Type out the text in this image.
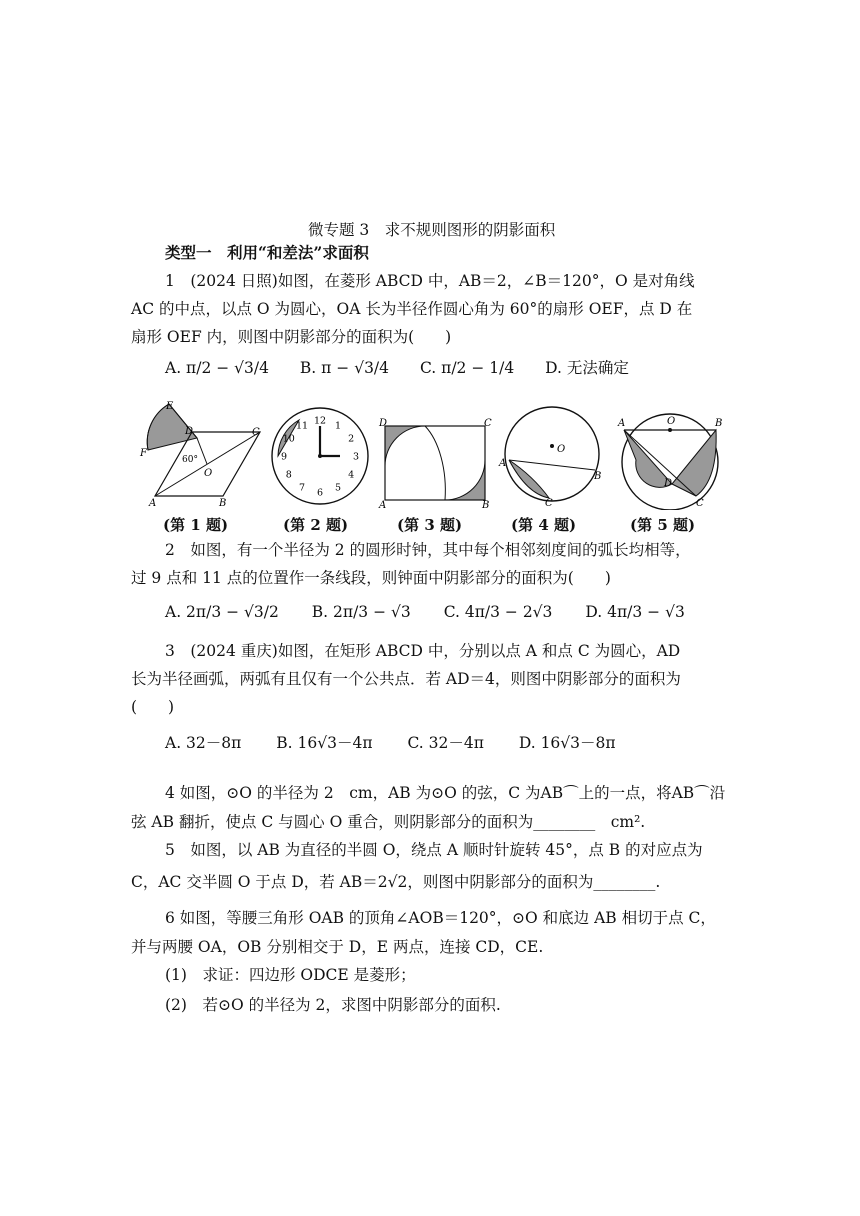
微专题 3　求不规则图形的阴影面积
类型一　利用“和差法”求面积
1　(2024 日照)如图，在菱形 ABCD 中，AB＝2，∠B＝120°，O 是对角线
AC 的中点，以点 O 为圆心，OA 长为半径作圆心角为 60°的扇形 OEF，点 D 在
扇形 OEF 内，则图中阴影部分的面积为(　　)
A. π/2 − √3/4 B. π − √3/4 C. π/2 − 1/4 D. 无法确定
E
D	C
F
60°
O
A	B
12 1
2
3
4
5
6
7
8
9
10
11	D	C
A	B
O
A
B
C
A	O	B
D
C
(第 1 题)	(第 2 题)	(第 3 题)	(第 4 题)	(第 5 题)
2　如图，有一个半径为 2 的圆形时钟，其中每个相邻刻度间的弧长均相等，
过 9 点和 11 点的位置作一条线段，则钟面中阴影部分的面积为(　　)
A. 2π/3 − √3/2 B. 2π/3 − √3 C. 4π/3 − 2√3 D. 4π/3 − √3
3　(2024 重庆)如图，在矩形 ABCD 中，分别以点 A 和点 C 为圆心，AD
长为半径画弧，两弧有且仅有一个公共点．若 AD＝4，则图中阴影部分的面积为
(　　)
A. 32－8π B. 16√3－4π C. 32－4π D. 16√3－8π
4 如图，⊙O 的半径为 2　cm，AB 为⊙O 的弦，C 为AB⌒上的一点，将AB⌒沿
弦 AB 翻折，使点 C 与圆心 O 重合，则阴影部分的面积为________　cm².
5　如图，以 AB 为直径的半圆 O，绕点 A 顺时针旋转 45°，点 B 的对应点为
C，AC 交半圆 O 于点 D，若 AB＝2√2，则图中阴影部分的面积为________.
6 如图，等腰三角形 OAB 的顶角∠AOB＝120°，⊙O 和底边 AB 相切于点 C，
并与两腰 OA，OB 分别相交于 D，E 两点，连接 CD，CE.
(1)　求证：四边形 ODCE 是菱形；
(2)　若⊙O 的半径为 2，求图中阴影部分的面积.
